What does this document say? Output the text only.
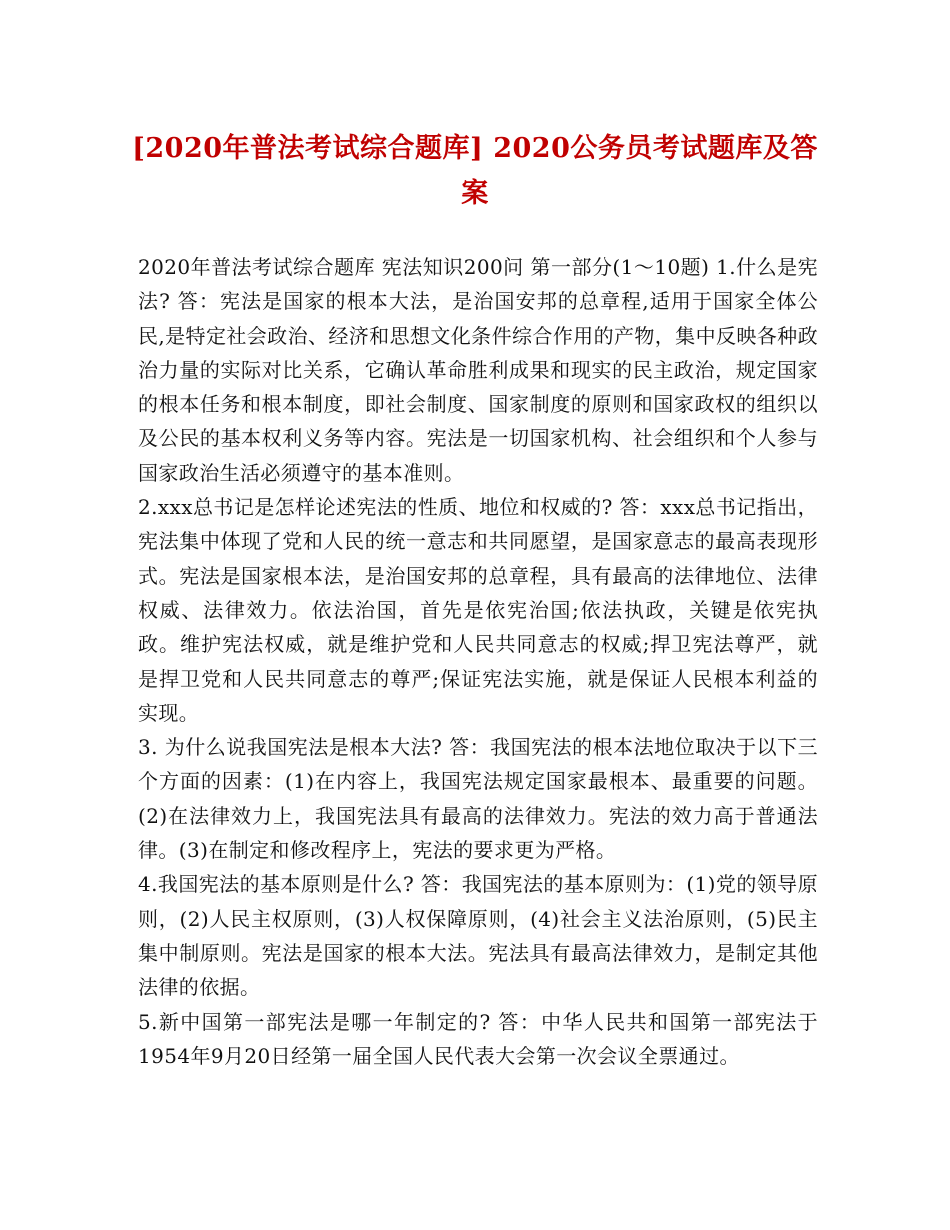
[2020年普法考试综合题库] 2020公务员考试题库及答案

2020年普法考试综合题库 宪法知识200问 第一部分(1～10题) 1.什么是宪法? 答：宪法是国家的根本大法，是治国安邦的总章程,适用于国家全体公民,是特定社会政治、经济和思想文化条件综合作用的产物，集中反映各种政治力量的实际对比关系，它确认革命胜利成果和现实的民主政治，规定国家的根本任务和根本制度，即社会制度、国家制度的原则和国家政权的组织以及公民的基本权利义务等内容。宪法是一切国家机构、社会组织和个人参与国家政治生活必须遵守的基本准则。

2.xxx总书记是怎样论述宪法的性质、地位和权威的? 答：xxx总书记指出，宪法集中体现了党和人民的统一意志和共同愿望，是国家意志的最高表现形式。宪法是国家根本法，是治国安邦的总章程，具有最高的法律地位、法律权威、法律效力。依法治国，首先是依宪治国;依法执政，关键是依宪执政。维护宪法权威，就是维护党和人民共同意志的权威;捍卫宪法尊严，就是捍卫党和人民共同意志的尊严;保证宪法实施，就是保证人民根本利益的实现。

3. 为什么说我国宪法是根本大法? 答：我国宪法的根本法地位取决于以下三个方面的因素：(1)在内容上，我国宪法规定国家最根本、最重要的问题。(2)在法律效力上，我国宪法具有最高的法律效力。宪法的效力高于普通法律。(3)在制定和修改程序上，宪法的要求更为严格。

4.我国宪法的基本原则是什么? 答：我国宪法的基本原则为：(1)党的领导原则，(2)人民主权原则，(3)人权保障原则，(4)社会主义法治原则，(5)民主集中制原则。宪法是国家的根本大法。宪法具有最高法律效力，是制定其他法律的依据。

5.新中国第一部宪法是哪一年制定的? 答：中华人民共和国第一部宪法于1954年9月20日经第一届全国人民代表大会第一次会议全票通过。
